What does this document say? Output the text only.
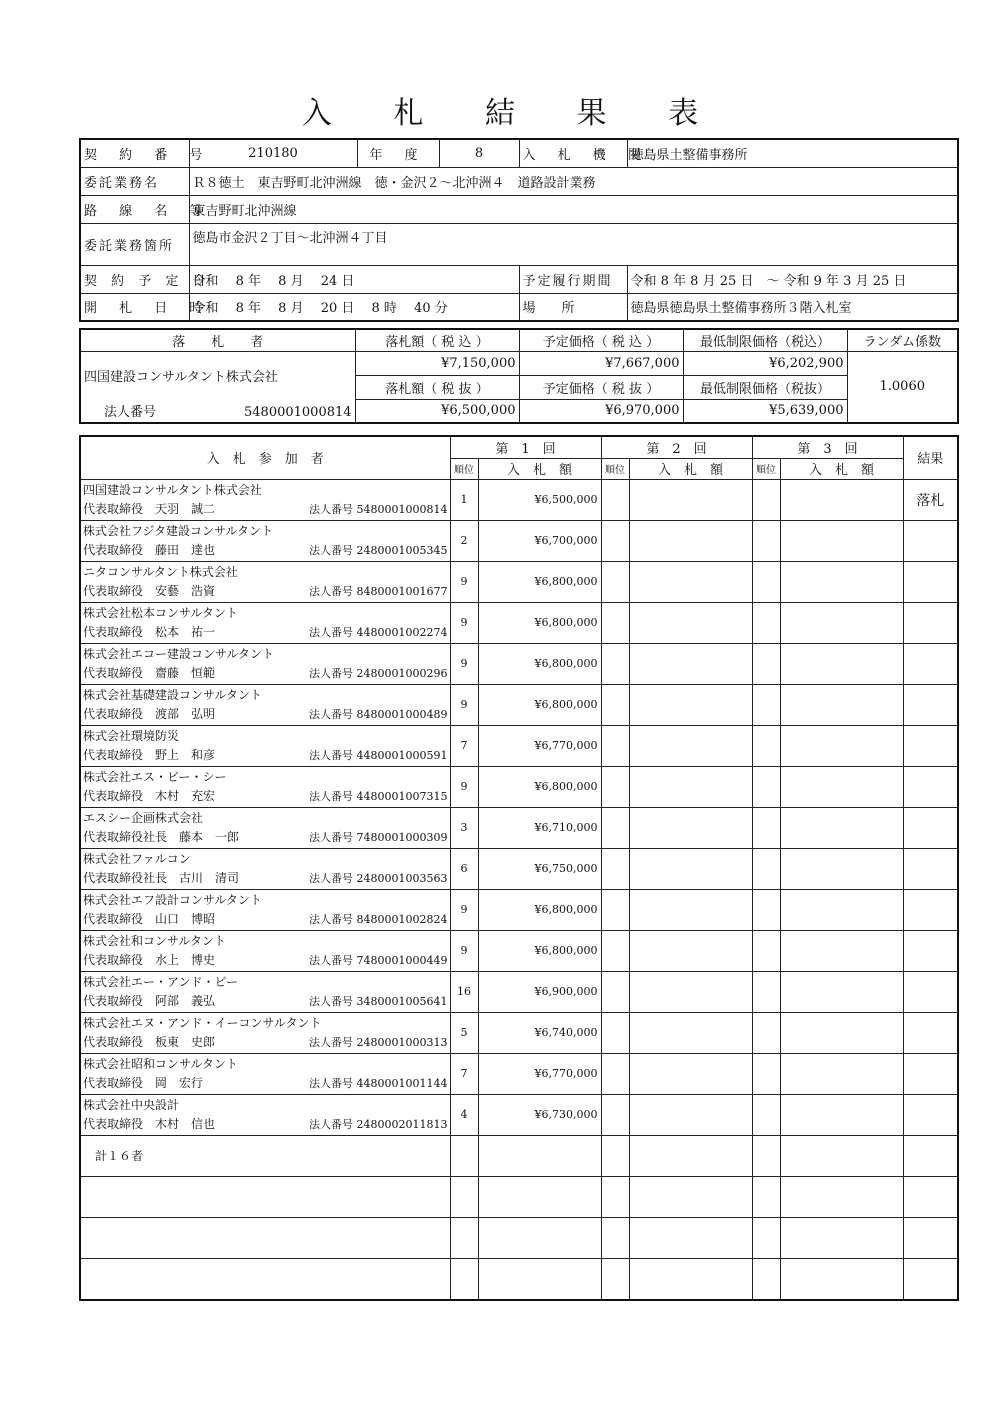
入 札 結 果 表
契 約 番 号	210180	年 度	8	入 札 機 関	徳島県土整備事務所
委託業務名	Ｒ８徳土　東吉野町北沖洲線　徳・金沢２～北沖洲４　道路設計業務				
路 線 名 等	東吉野町北沖洲線				
委託業務箇所	徳島市金沢２丁目～北沖洲４丁目				
契 約 予 定 日	令和　 8 年　 8 月　 24 日			予定履行期間	令和 8 年 8 月 25 日　～ 令和 9 年 3 月 25 日
開 札 日 時	令和　 8 年　 8 月　 20 日　 8 時　 40 分			場　　所	徳島県徳島県土整備事務所３階入札室
落　　札　　者	落札額（ 税 込 ）	予定価格（ 税 込 ）	最低制限価格（税込）	ランダム係数
四国建設コンサルタント株式会社	¥7,150,000	¥7,667,000	¥6,202,900	1.0060
	落札額（ 税 抜 ）	予定価格（ 税 抜 ）	最低制限価格（税抜）	
法人番号 5480001000814	¥6,500,000	¥6,970,000	¥5,639,000	
入　札　参　加　者	第　1　回		第　2　回		第　3　回		結果
	順位	入　札　額	順位	入　札　額	順位	入　札　額	

四国建設コンサルタント株式会社
代表取締役　天羽　誠二 法人番号 5480001000814	1	¥6,500,000					落札

株式会社フジタ建設コンサルタント
代表取締役　藤田　達也 法人番号 2480001005345	2	¥6,700,000					

ニタコンサルタント株式会社
代表取締役　安藝　浩資 法人番号 8480001001677	9	¥6,800,000					

株式会社松本コンサルタント
代表取締役　松本　祐一 法人番号 4480001002274	9	¥6,800,000					

株式会社エコー建設コンサルタント
代表取締役　齋藤　恒範 法人番号 2480001000296	9	¥6,800,000					

株式会社基礎建設コンサルタント
代表取締役　渡部　弘明 法人番号 8480001000489	9	¥6,800,000					

株式会社環境防災
代表取締役　野上　和彦 法人番号 4480001000591	7	¥6,770,000					

株式会社エス・ビー・シー
代表取締役　木村　充宏 法人番号 4480001007315	9	¥6,800,000					

エスシー企画株式会社
代表取締役社長　藤本　一郎 法人番号 7480001000309	3	¥6,710,000					

株式会社ファルコン
代表取締役社長　古川　清司 法人番号 2480001003563	6	¥6,750,000					

株式会社エフ設計コンサルタント
代表取締役　山口　博昭 法人番号 8480001002824	9	¥6,800,000					

株式会社和コンサルタント
代表取締役　水上　博史 法人番号 7480001000449	9	¥6,800,000					

株式会社エー・アンド・ビー
代表取締役　阿部　義弘 法人番号 3480001005641	16	¥6,900,000					

株式会社エヌ・アンド・イーコンサルタント
代表取締役　板東　史郎 法人番号 2480001000313	5	¥6,740,000					

株式会社昭和コンサルタント
代表取締役　岡　宏行 法人番号 4480001001144	7	¥6,770,000					

株式会社中央設計
代表取締役　木村　信也 法人番号 2480002011813	4	¥6,730,000					
計１６者							
